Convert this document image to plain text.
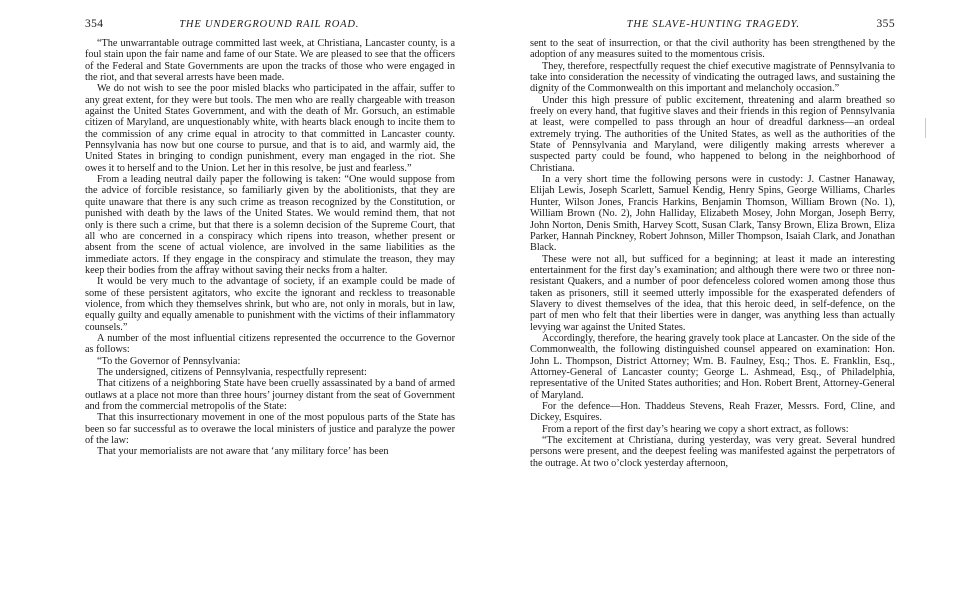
354	THE UNDERGROUND RAIL ROAD.

“The unwarrantable outrage committed last week, at Christiana, Lancaster county, is a foul stain upon the fair name and fame of our State. We are pleased to see that the officers of the Federal and State Governments are upon the tracks of those who were engaged in the riot, and that several arrests have been made.

We do not wish to see the poor misled blacks who participated in the affair, suffer to any great extent, for they were but tools. The men who are really chargeable with treason against the United States Government, and with the death of Mr. Gorsuch, an estimable citizen of Maryland, are unquestionably white, with hearts black enough to incite them to the commission of any crime equal in atrocity to that committed in Lancaster county. Pennsylvania has now but one course to pursue, and that is to aid, and warmly aid, the United States in bringing to condign punishment, every man engaged in the riot. She owes it to herself and to the Union. Let her in this resolve, be just and fearless.”

From a leading neutral daily paper the following is taken: “One would suppose from the advice of forcible resistance, so familiarly given by the abolitionists, that they are quite unaware that there is any such crime as treason recognized by the Constitution, or punished with death by the laws of the United States. We would remind them, that not only is there such a crime, but that there is a solemn decision of the Supreme Court, that all who are concerned in a conspiracy which ripens into treason, whether present or absent from the scene of actual violence, are involved in the same liabilities as the immediate actors. If they engage in the conspiracy and stimulate the treason, they may keep their bodies from the affray without saving their necks from a halter.

It would be very much to the advantage of society, if an example could be made of some of these persistent agitators, who excite the ignorant and reckless to treasonable violence, from which they themselves shrink, but who are, not only in morals, but in law, equally guilty and equally amenable to punishment with the victims of their inflammatory counsels.”

A number of the most influential citizens represented the occurrence to the Governor as follows:

“To the Governor of Pennsylvania:

The undersigned, citizens of Pennsylvania, respectfully represent:

That citizens of a neighboring State have been cruelly assassinated by a band of armed outlaws at a place not more than three hours’ journey distant from the seat of Government and from the commercial metropolis of the State:

That this insurrectionary movement in one of the most populous parts of the State has been so far successful as to overawe the local ministers of justice and paralyze the power of the law:

That your memorialists are not aware that ‘any military force’ has been

THE SLAVE-HUNTING TRAGEDY.	355

sent to the seat of insurrection, or that the civil authority has been strengthened by the adoption of any measures suited to the momentous crisis.

They, therefore, respectfully request the chief executive magistrate of Pennsylvania to take into consideration the necessity of vindicating the outraged laws, and sustaining the dignity of the Commonwealth on this important and melancholy occasion.”

Under this high pressure of public excitement, threatening and alarm breathed so freely on every hand, that fugitive slaves and their friends in this region of Pennsylvania at least, were compelled to pass through an hour of dreadful darkness—an ordeal extremely trying. The authorities of the United States, as well as the authorities of the State of Pennsylvania and Maryland, were diligently making arrests wherever a suspected party could be found, who happened to belong in the neighborhood of Christiana.

In a very short time the following persons were in custody: J. Castner Hanaway, Elijah Lewis, Joseph Scarlett, Samuel Kendig, Henry Spins, George Williams, Charles Hunter, Wilson Jones, Francis Harkins, Benjamin Thomson, William Brown (No. 1), William Brown (No. 2), John Halliday, Elizabeth Mosey, John Morgan, Joseph Berry, John Norton, Denis Smith, Harvey Scott, Susan Clark, Tansy Brown, Eliza Brown, Eliza Parker, Hannah Pinckney, Robert Johnson, Miller Thompson, Isaiah Clark, and Jonathan Black.

These were not all, but sufficed for a beginning; at least it made an interesting entertainment for the first day’s examination; and although there were two or three non-resistant Quakers, and a number of poor defenceless colored women among those thus taken as prisoners, still it seemed utterly impossible for the exasperated defenders of Slavery to divest themselves of the idea, that this heroic deed, in self-defence, on the part of men who felt that their liberties were in danger, was anything less than actually levying war against the United States.

Accordingly, therefore, the hearing gravely took place at Lancaster. On the side of the Commonwealth, the following distinguished counsel appeared on examination: Hon. John L. Thompson, District Attorney; Wm. B. Faulney, Esq.; Thos. E. Franklin, Esq., Attorney-General of Lancaster county; George L. Ashmead, Esq., of Philadelphia, representative of the United States authorities; and Hon. Robert Brent, Attorney-General of Maryland.

For the defence—Hon. Thaddeus Stevens, Reah Frazer, Messrs. Ford, Cline, and Dickey, Esquires.

From a report of the first day’s hearing we copy a short extract, as follows:

“The excitement at Christiana, during yesterday, was very great. Several hundred persons were present, and the deepest feeling was manifested against the perpetrators of the outrage. At two o’clock yesterday afternoon,
